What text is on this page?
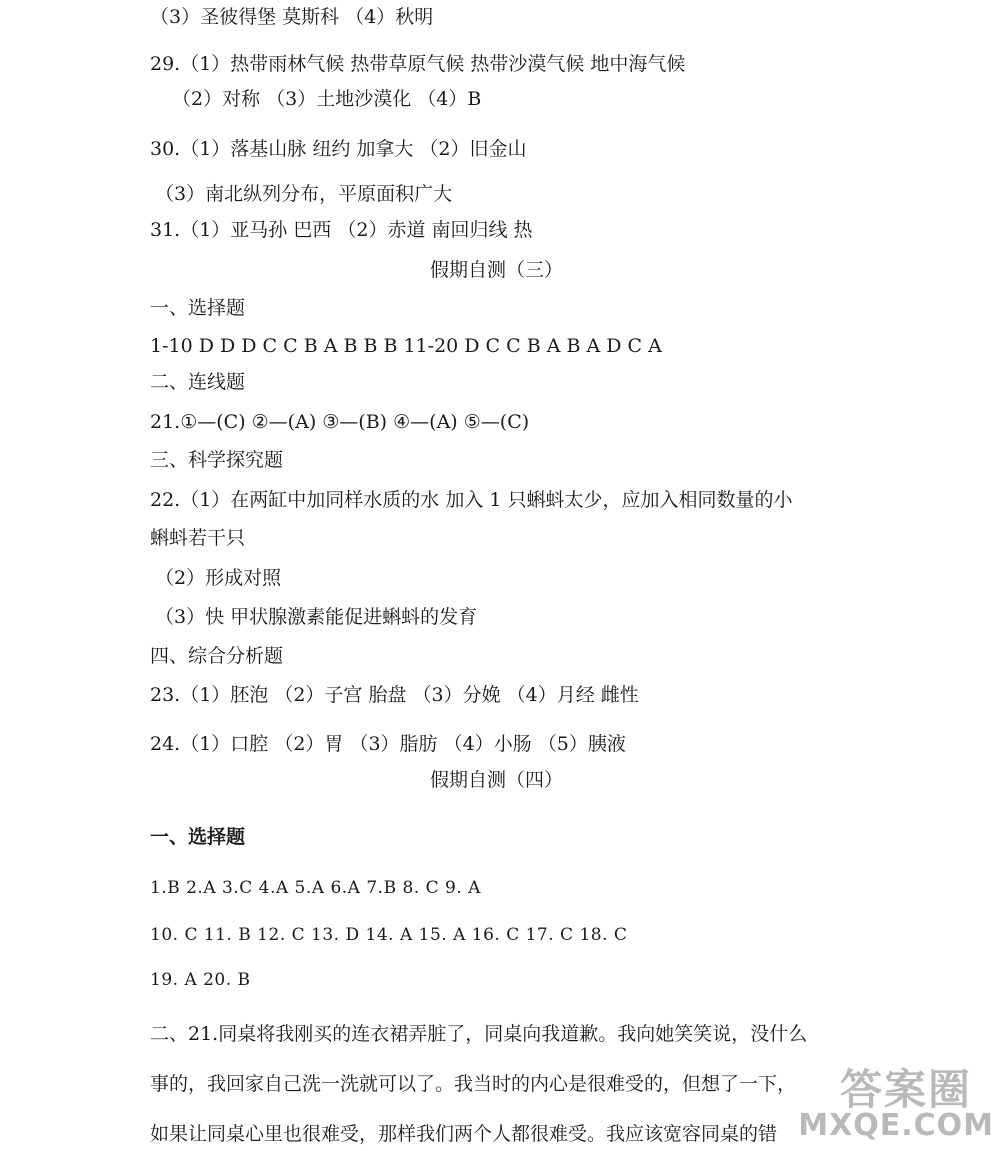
（3）圣彼得堡 莫斯科 （4）秋明
29.（1）热带雨林气候 热带草原气候 热带沙漠气候 地中海气候
（2）对称 （3）土地沙漠化 （4）B
30.（1）落基山脉 纽约 加拿大 （2）旧金山
（3）南北纵列分布，平原面积广大
31.（1）亚马孙 巴西 （2）赤道 南回归线 热
假期自测（三）
一、选择题
1-10 D D D C C B A B B B 11-20 D C C B A B A D C A
二、连线题
21.①—(C) ②—(A) ③—(B) ④—(A) ⑤—(C)
三、科学探究题
22.（1）在两缸中加同样水质的水 加入 1 只蝌蚪太少，应加入相同数量的小
蝌蚪若干只
（2）形成对照
（3）快 甲状腺激素能促进蝌蚪的发育
四、综合分析题
23.（1）胚泡 （2）子宫 胎盘 （3）分娩 （4）月经 雌性
24.（1）口腔 （2）胃 （3）脂肪 （4）小肠 （5）胰液
假期自测（四）
一、选择题
1.B 2.A 3.C 4.A 5.A 6.A 7.B 8. C 9. A
10. C 11. B 12. C 13. D 14. A 15. A 16. C 17. C 18. C
19. A 20. B
二、21.同桌将我刚买的连衣裙弄脏了，同桌向我道歉。我向她笑笑说，没什么
事的，我回家自己洗一洗就可以了。我当时的内心是很难受的，但想了一下，
如果让同桌心里也很难受，那样我们两个人都很难受。我应该宽容同桌的错
答案圈
MXQE.COM
